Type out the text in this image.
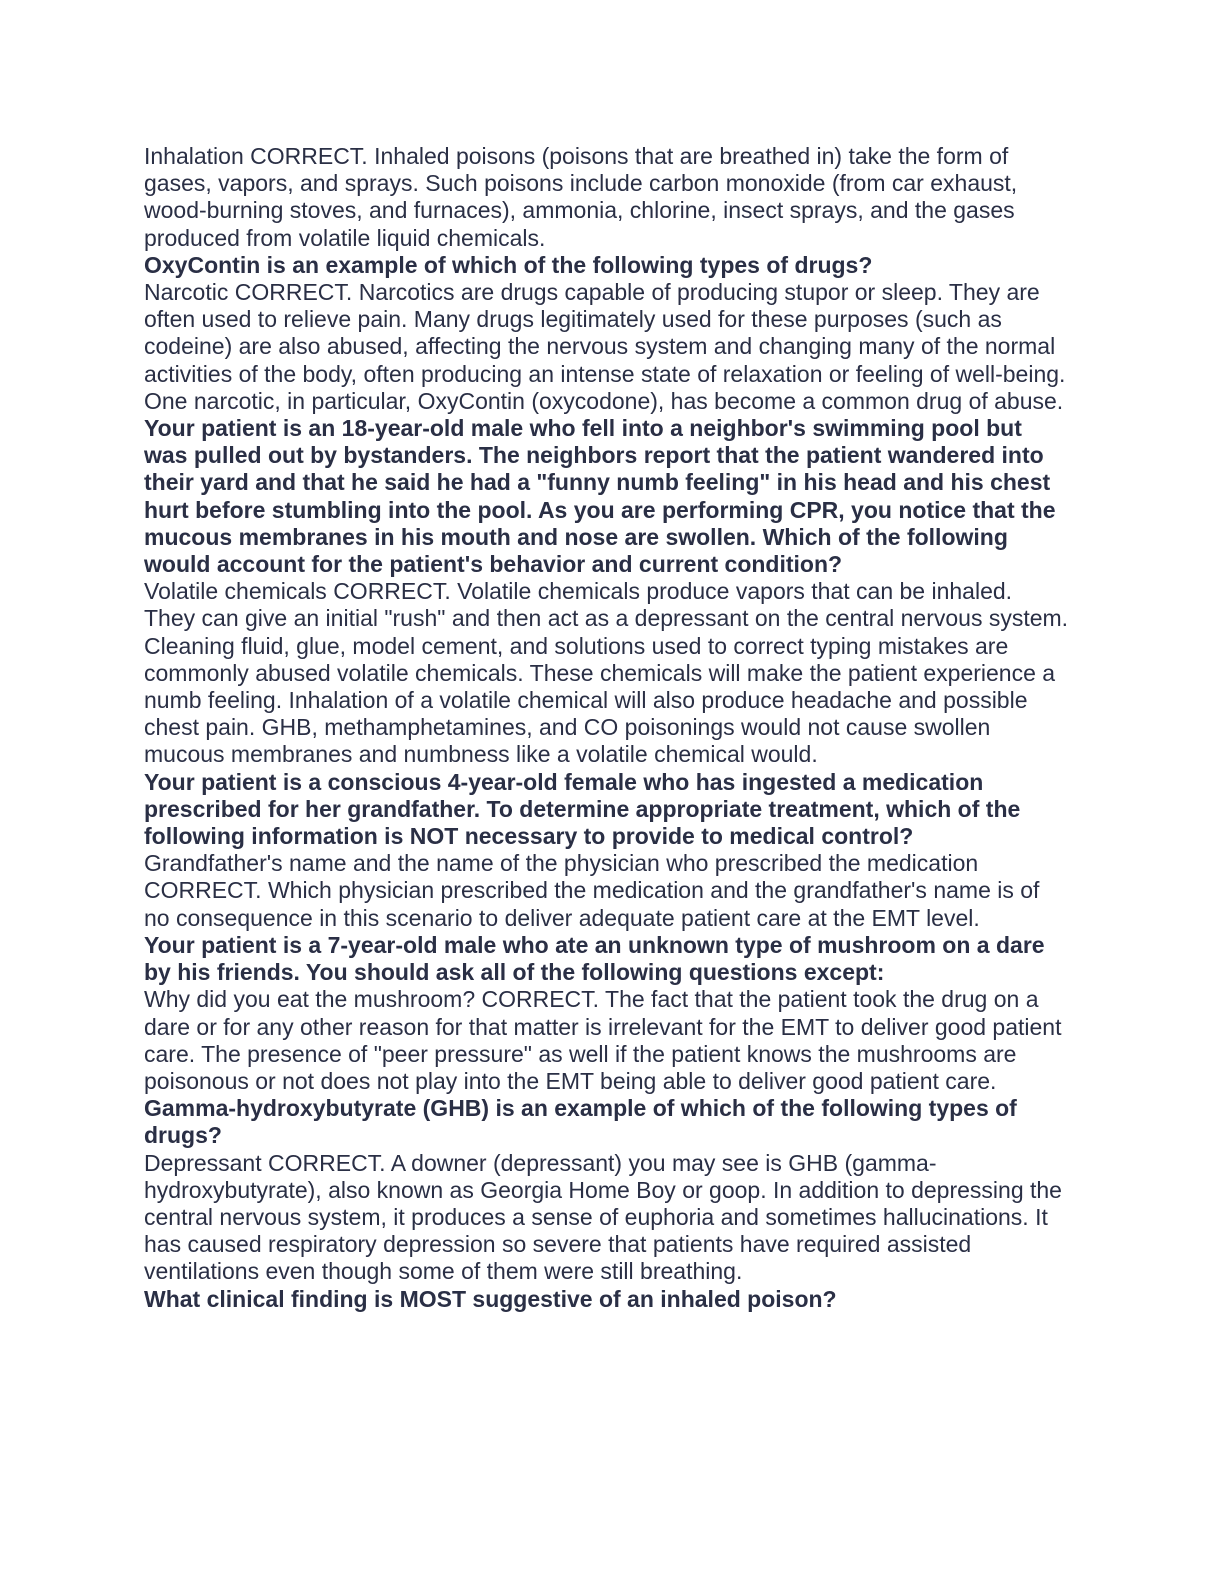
Inhalation CORRECT. Inhaled poisons (poisons that are breathed in) take the form of gases, vapors, and sprays. Such poisons include carbon monoxide (from car exhaust, wood-burning stoves, and furnaces), ammonia, chlorine, insect sprays, and the gases produced from volatile liquid chemicals.

OxyContin is an example of which of the following types of drugs?

Narcotic CORRECT. Narcotics are drugs capable of producing stupor or sleep. They are often used to relieve pain. Many drugs legitimately used for these purposes (such as codeine) are also abused, affecting the nervous system and changing many of the normal activities of the body, often producing an intense state of relaxation or feeling of well-being. One narcotic, in particular, OxyContin (oxycodone), has become a common drug of abuse.

Your patient is an 18-year-old male who fell into a neighbor's swimming pool but was pulled out by bystanders. The neighbors report that the patient wandered into their yard and that he said he had a "funny numb feeling" in his head and his chest hurt before stumbling into the pool. As you are performing CPR, you notice that the mucous membranes in his mouth and nose are swollen. Which of the following would account for the patient's behavior and current condition?

Volatile chemicals CORRECT. Volatile chemicals produce vapors that can be inhaled. They can give an initial "rush" and then act as a depressant on the central nervous system. Cleaning fluid, glue, model cement, and solutions used to correct typing mistakes are commonly abused volatile chemicals. These chemicals will make the patient experience a numb feeling. Inhalation of a volatile chemical will also produce headache and possible chest pain. GHB, methamphetamines, and CO poisonings would not cause swollen mucous membranes and numbness like a volatile chemical would.

Your patient is a conscious 4-year-old female who has ingested a medication prescribed for her grandfather. To determine appropriate treatment, which of the following information is NOT necessary to provide to medical control?

Grandfather's name and the name of the physician who prescribed the medication CORRECT. Which physician prescribed the medication and the grandfather's name is of no consequence in this scenario to deliver adequate patient care at the EMT level.

Your patient is a 7-year-old male who ate an unknown type of mushroom on a dare by his friends. You should ask all of the following questions except:

Why did you eat the mushroom? CORRECT. The fact that the patient took the drug on a dare or for any other reason for that matter is irrelevant for the EMT to deliver good patient care. The presence of "peer pressure" as well if the patient knows the mushrooms are poisonous or not does not play into the EMT being able to deliver good patient care.

Gamma-hydroxybutyrate (GHB) is an example of which of the following types of drugs?

Depressant CORRECT. A downer (depressant) you may see is GHB (gamma-hydroxybutyrate), also known as Georgia Home Boy or goop. In addition to depressing the central nervous system, it produces a sense of euphoria and sometimes hallucinations. It has caused respiratory depression so severe that patients have required assisted ventilations even though some of them were still breathing.

What clinical finding is MOST suggestive of an inhaled poison?
